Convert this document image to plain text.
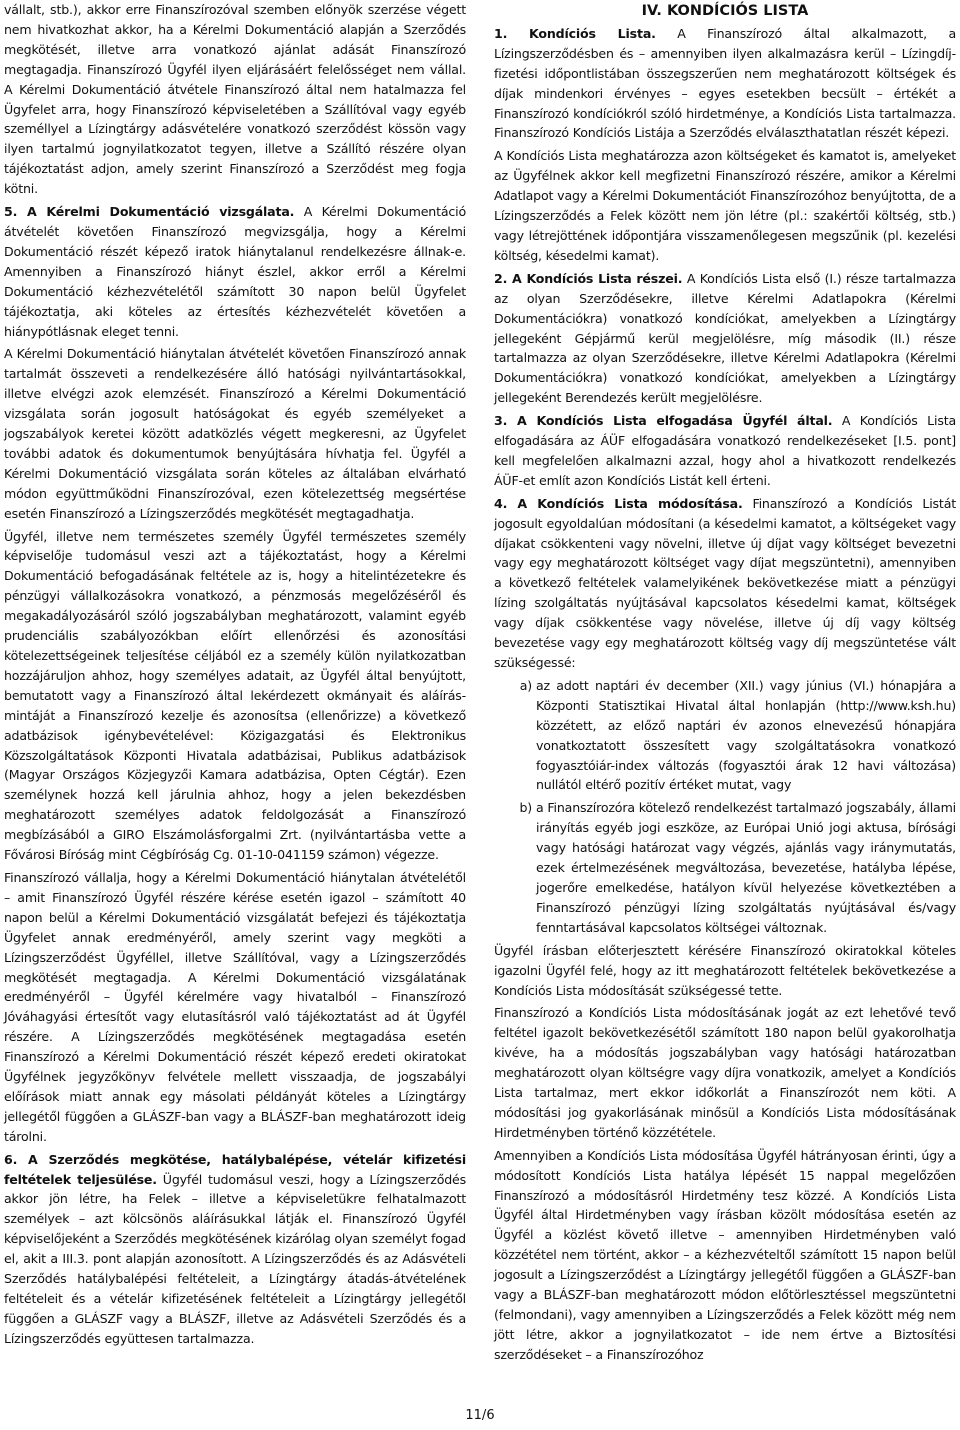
vállalt, stb.), akkor erre Finanszírozóval szemben előnyök szerzése végett nem hivatkozhat akkor, ha a Kérelmi Dokumentáció alapján a Szerződés megkötését, illetve arra vonatkozó ajánlat adását Finanszírozó megtagadja. Finanszírozó Ügyfél ilyen eljárásáért felelősséget nem vállal. A Kérelmi Dokumentáció átvétele Finanszírozó által nem hatalmazza fel Ügyfelet arra, hogy Finanszírozó képviseletében a Szállítóval vagy egyéb személlyel a Lízingtárgy adásvételére vonatkozó szerződést kössön vagy ilyen tartalmú jognyilatkozatot tegyen, illetve a Szállító részére olyan tájékoztatást adjon, amely szerint Finanszírozó a Szerződést meg fogja kötni.

5. A Kérelmi Dokumentáció vizsgálata. A Kérelmi Dokumentáció átvételét követően Finanszírozó megvizsgálja, hogy a Kérelmi Dokumentáció részét képező iratok hiánytalanul rendelkezésre állnak-e. Amennyiben a Finanszírozó hiányt észlel, akkor erről a Kérelmi Dokumentáció kézhezvételétől számított 30 napon belül Ügyfelet tájékoztatja, aki köteles az értesítés kézhezvételét követően a hiánypótlásnak eleget tenni.

A Kérelmi Dokumentáció hiánytalan átvételét követően Finanszírozó annak tartalmát összeveti a rendelkezésére álló hatósági nyilvántartásokkal, illetve elvégzi azok elemzését. Finanszírozó a Kérelmi Dokumentáció vizsgálata során jogosult hatóságokat és egyéb személyeket a jogszabályok keretei között adatközlés végett megkeresni, az Ügyfelet további adatok és dokumentumok benyújtására hívhatja fel. Ügyfél a Kérelmi Dokumentáció vizsgálata során köteles az általában elvárható módon együttműködni Finanszírozóval, ezen kötelezettség megsértése esetén Finanszírozó a Lízingszerződés megkötését megtagadhatja.

Ügyfél, illetve nem természetes személy Ügyfél természetes személy képviselője tudomásul veszi azt a tájékoztatást, hogy a Kérelmi Dokumentáció befogadásának feltétele az is, hogy a hitelintézetekre és pénzügyi vállalkozásokra vonatkozó, a pénzmosás megelőzéséről és megakadályozásáról szóló jogszabályban meghatározott, valamint egyéb prudenciális szabályozókban előírt ellenőrzési és azonosítási kötelezettségeinek teljesítése céljából ez a személy külön nyilatkozatban hozzájáruljon ahhoz, hogy személyes adatait, az Ügyfél által benyújtott, bemutatott vagy a Finanszírozó által lekérdezett okmányait és aláírás-mintáját a Finanszírozó kezelje és azonosítsa (ellenőrizze) a következő adatbázisok igénybevételével: Közigazgatási és Elektronikus Közszolgáltatások Központi Hivatala adatbázisai, Publikus adatbázisok (Magyar Országos Közjegyzői Kamara adatbázisa, Opten Cégtár). Ezen személynek hozzá kell járulnia ahhoz, hogy a jelen bekezdésben meghatározott személyes adatok feldolgozását a Finanszírozó megbízásából a GIRO Elszámolásforgalmi Zrt. (nyilvántartásba vette a Fővárosi Bíróság mint Cégbíróság Cg. 01-10-041159 számon) végezze.

Finanszírozó vállalja, hogy a Kérelmi Dokumentáció hiánytalan átvételétől – amit Finanszírozó Ügyfél részére kérése esetén igazol – számított 40 napon belül a Kérelmi Dokumentáció vizsgálatát befejezi és tájékoztatja Ügyfelet annak eredményéről, amely szerint vagy megköti a Lízingszerződést Ügyféllel, illetve Szállítóval, vagy a Lízingszerződés megkötését megtagadja. A Kérelmi Dokumentáció vizsgálatának eredményéről – Ügyfél kérelmére vagy hivatalból – Finanszírozó Jóváhagyási értesítőt vagy elutasításról való tájékoztatást ad át Ügyfél részére. A Lízingszerződés megkötésének megtagadása esetén Finanszírozó a Kérelmi Dokumentáció részét képező eredeti okiratokat Ügyfélnek jegyzőkönyv felvétele mellett visszaadja, de jogszabályi előírások miatt annak egy másolati példányát köteles a Lízingtárgy jellegétől függően a GLÁSZF-ban vagy a BLÁSZF-ban meghatározott ideig tárolni.

6. A Szerződés megkötése, hatálybalépése, vételár kifizetési feltételek teljesülése. Ügyfél tudomásul veszi, hogy a Lízingszerződés akkor jön létre, ha Felek – illetve a képviseletükre felhatalmazott személyek – azt kölcsönös aláírásukkal látják el. Finanszírozó Ügyfél képviselőjeként a Szerződés megkötésének kizárólag olyan személyt fogad el, akit a III.3. pont alapján azonosított. A Lízingszerződés és az Adásvételi Szerződés hatálybalépési feltételeit, a Lízingtárgy átadás-átvételének feltételeit és a vételár kifizetésének feltételeit a Lízingtárgy jellegétől függően a GLÁSZF vagy a BLÁSZF, illetve az Adásvételi Szerződés és a Lízingszerződés együttesen tartalmazza.

IV. KONDÍCIÓS LISTA

1. Kondíciós Lista. A Finanszírozó által alkalmazott, a Lízingszerződésben és – amennyiben ilyen alkalmazásra kerül – Lízingdíj-fizetési időpontlistában összegszerűen nem meghatározott költségek és díjak mindenkori érvényes – egyes esetekben becsült – értékét a Finanszírozó kondíciókról szóló hirdetménye, a Kondíciós Lista tartalmazza. Finanszírozó Kondíciós Listája a Szerződés elválaszthatatlan részét képezi.

A Kondíciós Lista meghatározza azon költségeket és kamatot is, amelyeket az Ügyfélnek akkor kell megfizetni Finanszírozó részére, amikor a Kérelmi Adatlapot vagy a Kérelmi Dokumentációt Finanszírozóhoz benyújtotta, de a Lízingszerződés a Felek között nem jön létre (pl.: szakértői költség, stb.) vagy létrejöttének időpontjára visszamenőlegesen megszűnik (pl. kezelési költség, késedelmi kamat).

2. A Kondíciós Lista részei. A Kondíciós Lista első (I.) része tartalmazza az olyan Szerződésekre, illetve Kérelmi Adatlapokra (Kérelmi Dokumentációkra) vonatkozó kondíciókat, amelyekben a Lízingtárgy jellegeként Gépjármű kerül megjelölésre, míg második (II.) része tartalmazza az olyan Szerződésekre, illetve Kérelmi Adatlapokra (Kérelmi Dokumentációkra) vonatkozó kondíciókat, amelyekben a Lízingtárgy jellegeként Berendezés került megjelölésre.

3. A Kondíciós Lista elfogadása Ügyfél által. A Kondíciós Lista elfogadására az ÁÜF elfogadására vonatkozó rendelkezéseket [I.5. pont] kell megfelelően alkalmazni azzal, hogy ahol a hivatkozott rendelkezés ÁÜF-et említ azon Kondíciós Listát kell érteni.

4. A Kondíciós Lista módosítása. Finanszírozó a Kondíciós Listát jogosult egyoldalúan módosítani (a késedelmi kamatot, a költségeket vagy díjakat csökkenteni vagy növelni, illetve új díjat vagy költséget bevezetni vagy egy meghatározott költséget vagy díjat megszüntetni), amennyiben a következő feltételek valamelyikének bekövetkezése miatt a pénzügyi lízing szolgáltatás nyújtásával kapcsolatos késedelmi kamat, költségek vagy díjak csökkentése vagy növelése, illetve új díj vagy költség bevezetése vagy egy meghatározott költség vagy díj megszüntetése vált szükségessé:

a) az adott naptári év december (XII.) vagy június (VI.) hónapjára a Központi Statisztikai Hivatal által honlapján (http://www.ksh.hu) közzétett, az előző naptári év azonos elnevezésű hónapjára vonatkoztatott összesített vagy szolgáltatásokra vonatkozó fogyasztóiár-index változás (fogyasztói árak 12 havi változása) nullától eltérő pozitív értéket mutat, vagy
b) a Finanszírozóra kötelező rendelkezést tartalmazó jogszabály, állami irányítás egyéb jogi eszköze, az Európai Unió jogi aktusa, bírósági vagy hatósági határozat vagy végzés, ajánlás vagy iránymutatás, ezek értelmezésének megváltozása, bevezetése, hatályba lépése, jogerőre emelkedése, hatályon kívül helyezése következtében a Finanszírozó pénzügyi lízing szolgáltatás nyújtásával és/vagy fenntartásával kapcsolatos költségei változnak.

Ügyfél írásban előterjesztett kérésére Finanszírozó okiratokkal köteles igazolni Ügyfél felé, hogy az itt meghatározott feltételek bekövetkezése a Kondíciós Lista módosítását szükségessé tette.

Finanszírozó a Kondíciós Lista módosításának jogát az ezt lehetővé tevő feltétel igazolt bekövetkezésétől számított 180 napon belül gyakorolhatja kivéve, ha a módosítás jogszabályban vagy hatósági határozatban meghatározott olyan költségre vagy díjra vonatkozik, amelyet a Kondíciós Lista tartalmaz, mert ekkor időkorlát a Finanszírozót nem köti. A módosítási jog gyakorlásának minősül a Kondíciós Lista módosításának Hirdetményben történő közzététele.

Amennyiben a Kondíciós Lista módosítása Ügyfél hátrányosan érinti, úgy a módosított Kondíciós Lista hatálya lépését 15 nappal megelőzően Finanszírozó a módosításról Hirdetmény tesz közzé. A Kondíciós Lista Ügyfél által Hirdetményben vagy írásban közölt módosítása esetén az Ügyfél a közlést követő illetve – amennyiben Hirdetményben való közzététel nem történt, akkor – a kézhezvételtől számított 15 napon belül jogosult a Lízingszerződést a Lízingtárgy jellegétől függően a GLÁSZF-ban vagy a BLÁSZF-ban meghatározott módon előtörlesztéssel megszüntetni (felmondani), vagy amennyiben a Lízingszerződés a Felek között még nem jött létre, akkor a jognyilatkozatot – ide nem értve a Biztosítési szerződéseket – a Finanszírozóhoz

11/6
